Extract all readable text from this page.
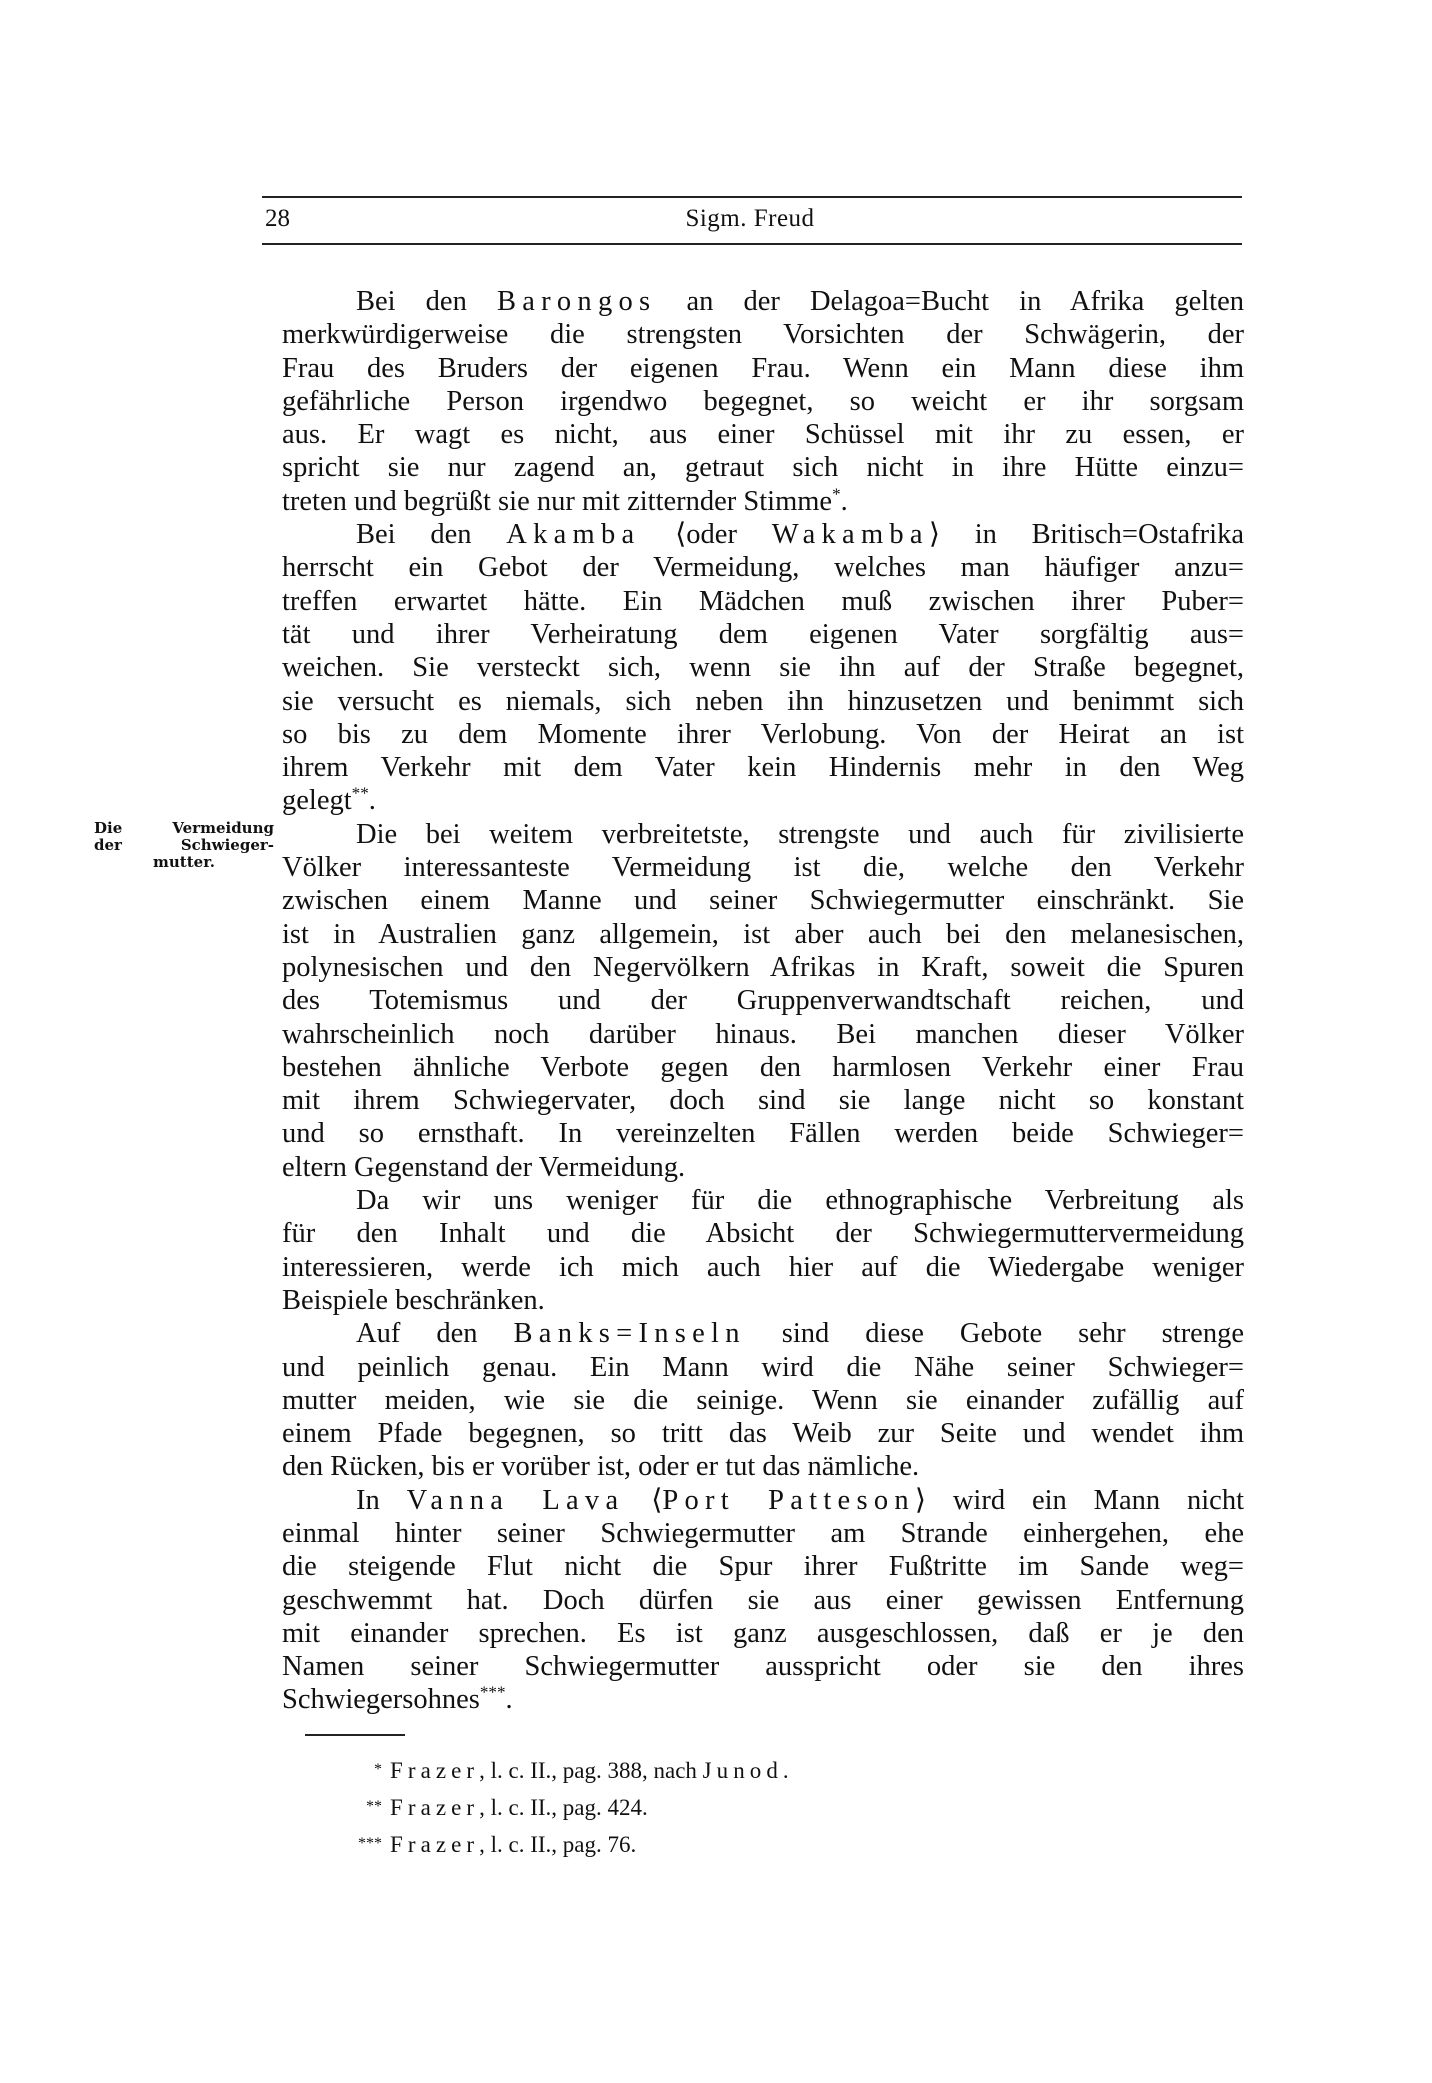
28	Sigm. Freud
Die Vermeidung
der Schwieger-
mutter.
Bei den Barongos an der Delagoa=Bucht in Afrika gelten
merkwürdigerweise die strengsten Vorsichten der Schwägerin, der
Frau des Bruders der eigenen Frau. Wenn ein Mann diese ihm
gefährliche Person irgendwo begegnet, so weicht er ihr sorgsam
aus. Er wagt es nicht, aus einer Schüssel mit ihr zu essen, er
spricht sie nur zagend an, getraut sich nicht in ihre Hütte einzu=
treten und begrüßt sie nur mit zitternder Stimme*.
Bei den Akamba ⟨oder Wakamba⟩ in Britisch=Ostafrika
herrscht ein Gebot der Vermeidung, welches man häufiger anzu=
treffen erwartet hätte. Ein Mädchen muß zwischen ihrer Puber=
tät und ihrer Verheiratung dem eigenen Vater sorgfältig aus=
weichen. Sie versteckt sich, wenn sie ihn auf der Straße begegnet,
sie versucht es niemals, sich neben ihn hinzusetzen und benimmt sich
so bis zu dem Momente ihrer Verlobung. Von der Heirat an ist
ihrem Verkehr mit dem Vater kein Hindernis mehr in den Weg
gelegt**.
Die bei weitem verbreitetste, strengste und auch für zivilisierte
Völker interessanteste Vermeidung ist die, welche den Verkehr
zwischen einem Manne und seiner Schwiegermutter einschränkt. Sie
ist in Australien ganz allgemein, ist aber auch bei den melanesischen,
polynesischen und den Negervölkern Afrikas in Kraft, soweit die Spuren
des Totemismus und der Gruppenverwandtschaft reichen, und
wahrscheinlich noch darüber hinaus. Bei manchen dieser Völker
bestehen ähnliche Verbote gegen den harmlosen Verkehr einer Frau
mit ihrem Schwiegervater, doch sind sie lange nicht so konstant
und so ernsthaft. In vereinzelten Fällen werden beide Schwieger=
eltern Gegenstand der Vermeidung.
Da wir uns weniger für die ethnographische Verbreitung als
für den Inhalt und die Absicht der Schwiegermuttervermeidung
interessieren, werde ich mich auch hier auf die Wiedergabe weniger
Beispiele beschränken.
Auf den Banks=Inseln sind diese Gebote sehr strenge
und peinlich genau. Ein Mann wird die Nähe seiner Schwieger=
mutter meiden, wie sie die seinige. Wenn sie einander zufällig auf
einem Pfade begegnen, so tritt das Weib zur Seite und wendet ihm
den Rücken, bis er vorüber ist, oder er tut das nämliche.
In Vanna Lava ⟨Port Patteson⟩ wird ein Mann nicht
einmal hinter seiner Schwiegermutter am Strande einhergehen, ehe
die steigende Flut nicht die Spur ihrer Fußtritte im Sande weg=
geschwemmt hat. Doch dürfen sie aus einer gewissen Entfernung
mit einander sprechen. Es ist ganz ausgeschlossen, daß er je den
Namen seiner Schwiegermutter ausspricht oder sie den ihres
Schwiegersohnes***.
* Frazer, l. c. II., pag. 388, nach Junod.
** Frazer, l. c. II., pag. 424.
*** Frazer, l. c. II., pag. 76.
